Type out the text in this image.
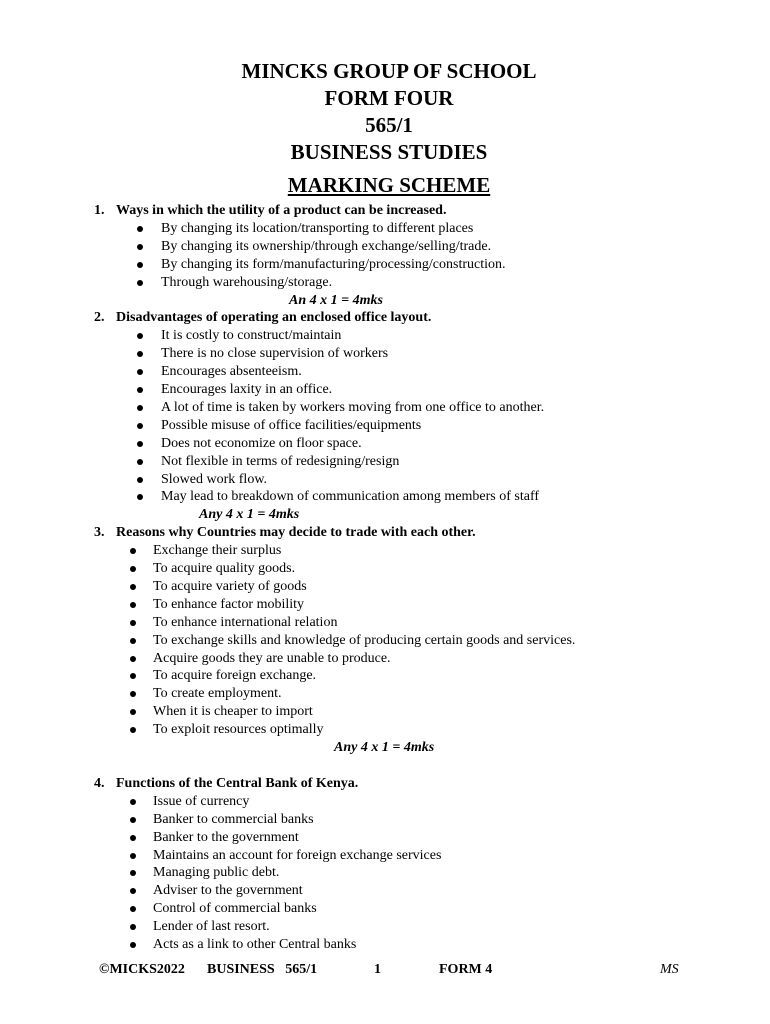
MINCKS GROUP OF SCHOOL
FORM FOUR
565/1
BUSINESS STUDIES
MARKING SCHEME
1. Ways in which the utility of a product can be increased.
By changing its location/transporting to different places
By changing its ownership/through exchange/selling/trade.
By changing its form/manufacturing/processing/construction.
Through warehousing/storage.
An 4 x 1 = 4mks
2. Disadvantages of operating an enclosed office layout.
It is costly to construct/maintain
There is no close supervision of workers
Encourages absenteeism.
Encourages laxity in an office.
A lot of time is taken by workers moving from one office to another.
Possible misuse of office facilities/equipments
Does not economize on floor space.
Not flexible in terms of redesigning/resign
Slowed work flow.
May lead to breakdown of communication among members of staff
Any 4 x 1 = 4mks
3. Reasons why Countries may decide to trade with each other.
Exchange their surplus
To acquire quality goods.
To acquire variety of goods
To enhance factor mobility
To enhance international relation
To exchange skills and knowledge of producing certain goods and services.
Acquire goods they are unable to produce.
To acquire foreign exchange.
To create employment.
When it is cheaper to import
To exploit resources optimally
Any 4 x 1 = 4mks
4. Functions of the Central Bank of Kenya.
Issue of currency
Banker to commercial banks
Banker to the government
Maintains an account for foreign exchange services
Managing public debt.
Adviser to the government
Control of commercial banks
Lender of last resort.
Acts as a link to other Central banks
©MICKS2022 BUSINESS   565/1	1	FORM 4	MS
